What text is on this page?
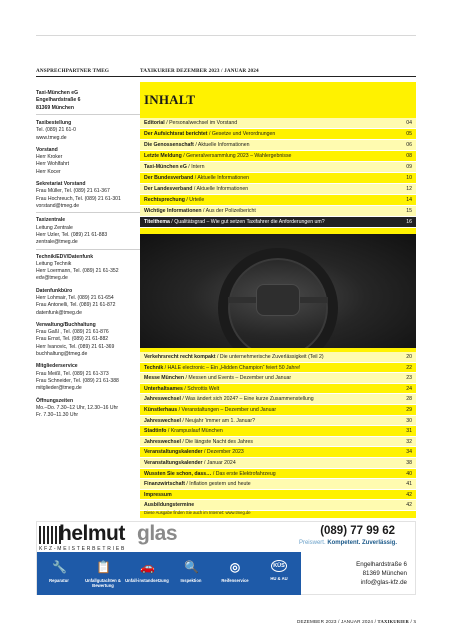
ANSPRECHPARTNER TMEG
Taxi-München eG
Engelhardstraße 6
81369 München
Taxibestellung
Tel. (089) 21 61-0
www.tmeg.de
Vorstand
Herr Kroker
Herr Wohlfahrt
Herr Kocer
Sekretariat Vorstand
Frau Müller, Tel. (089) 21 61-367
Frau Hochreuch, Tel. (089) 21 61-301
vorstand@tmeg.de
Taxizentrale
Leitung Zentrale
Herr Uzler, Tel. (089) 21 61-883
zentrale@tmeg.de
Technik/EDV/Datenfunk
Leitung Technik
Herr Loermann, Tel. (089) 21 61-352
edv@tmeg.de
Datenfunkbüro
Herr Lohmair, Tel. (089) 21 61-654
Frau Antonelli, Tel. (089) 21 61-872
datenfunk@tmeg.de
Verwaltung/Buchhaltung
Frau Gaßl , Tel. (089) 21 61-876
Frau Ernst, Tel. (089) 21 61-882
Herr Ivanovic, Tel. (089) 21 61-369
buchhaltung@tmeg.de
Mitgliederservice
Frau Meißl, Tel. (089) 21 61-373
Frau Schneider, Tel. (089) 21 61-388
mitglieder@tmeg.de
Öffnungszeiten
Mo.–Do. 7.30–12 Uhr, 12.30–16 Uhr
Fr. 7.30–11.30 Uhr
TAXIKURIER DEZEMBER 2023 / JANUAR 2024
INHALT
Editorial / Personalwechsel im Vorstand	04
Der Aufsichtsrat berichtet / Gesetze und Verordnungen	05
Die Genossenschaft / Aktuelle Informationen	06
Letzte Meldung / Generalversammlung 2023 – Wahlergebnisse	08
Taxi-München eG / Intern	09
Der Bundesverband / Aktuelle Informationen	10
Der Landesverband / Aktuelle Informationen	12
Rechtsprechung / Urteile	14
Wichtige Informationen / Aus der Polizeibericht	15
Titelthema / Qualitätsgrad – Wie gut setzen Taxifahrer die Anforderungen um?	16
Verkehrsrecht recht kompakt / Die unternehmerische Zuverlässigkeit (Teil 2)	20
Technik / HALE electronic – Ein „Hidden Champion“ feiert 50 Jahre!	22
Messe München / Messen und Events – Dezember und Januar	23
Unterhaltsames / Schrottis Welt	24
Jahreswechsel / Was ändert sich 2024? – Eine kurze Zusammenstellung	28
Künstlerhaus / Veranstaltungen – Dezember und Januar	29
Jahreswechsel / Neujahr ‘immer am 1. Januar?	30
Stadtinfo / Krampuslauf München	31
Jahreswechsel / Die längste Nacht des Jahres	32
Veranstaltungskalender / Dezember 2023	34
Veranstaltungskalender / Januar 2024	38
Wussten Sie schon, dass… / Das erste Elektrofahrzeug	40
Finanzwirtschaft / Inflation gestern und heute	41
Impressum	42
Ausbildungstermine	42
Diese Ausgabe finden Sie auch im Internet: www.tmeg.de
helmut glas
KFZ-MEISTERBETRIEB
(089) 77 99 62
Preiswert. Kompetent. Zuverlässig.
🔧
Reparatur
📋
Unfallgutachten & Bewertung
🚗
Unfall-instandsetzung
🔍
Inspektion
◎
Reifenservice
KÜS
HU & AU
Engelhardstraße 6
81369 München
info@glas-kfz.de
DEZEMBER 2023 / JANUAR 2024 / TAXIKURIER / 3
